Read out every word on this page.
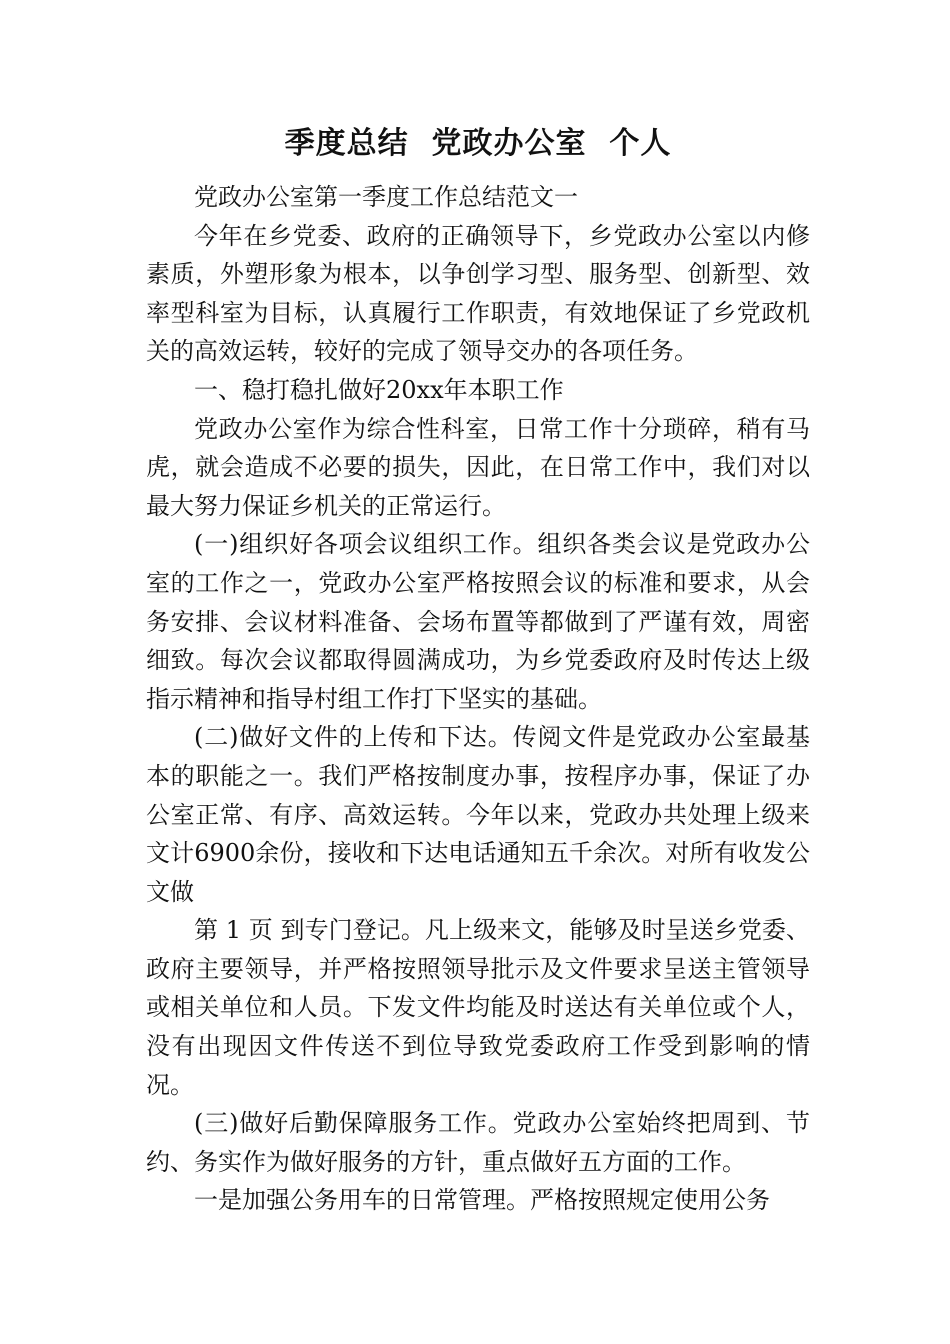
季度总结  党政办公室  个人

党政办公室第一季度工作总结范文一

今年在乡党委、政府的正确领导下，乡党政办公室以内修素质，外塑形象为根本，以争创学习型、服务型、创新型、效率型科室为目标，认真履行工作职责，有效地保证了乡党政机关的高效运转，较好的完成了领导交办的各项任务。

一、稳打稳扎做好20xx年本职工作

党政办公室作为综合性科室，日常工作十分琐碎，稍有马虎，就会造成不必要的损失，因此，在日常工作中，我们对以最大努力保证乡机关的正常运行。

(一)组织好各项会议组织工作。组织各类会议是党政办公室的工作之一，党政办公室严格按照会议的标准和要求，从会务安排、会议材料准备、会场布置等都做到了严谨有效，周密细致。每次会议都取得圆满成功，为乡党委政府及时传达上级指示精神和指导村组工作打下坚实的基础。

(二)做好文件的上传和下达。传阅文件是党政办公室最基本的职能之一。我们严格按制度办事，按程序办事，保证了办公室正常、有序、高效运转。今年以来，党政办共处理上级来文计6900余份，接收和下达电话通知五千余次。对所有收发公文做

第 1 页 到专门登记。凡上级来文，能够及时呈送乡党委、政府主要领导，并严格按照领导批示及文件要求呈送主管领导或相关单位和人员。下发文件均能及时送达有关单位或个人，没有出现因文件传送不到位导致党委政府工作受到影响的情况。

(三)做好后勤保障服务工作。党政办公室始终把周到、节约、务实作为做好服务的方针，重点做好五方面的工作。

一是加强公务用车的日常管理。严格按照规定使用公务
